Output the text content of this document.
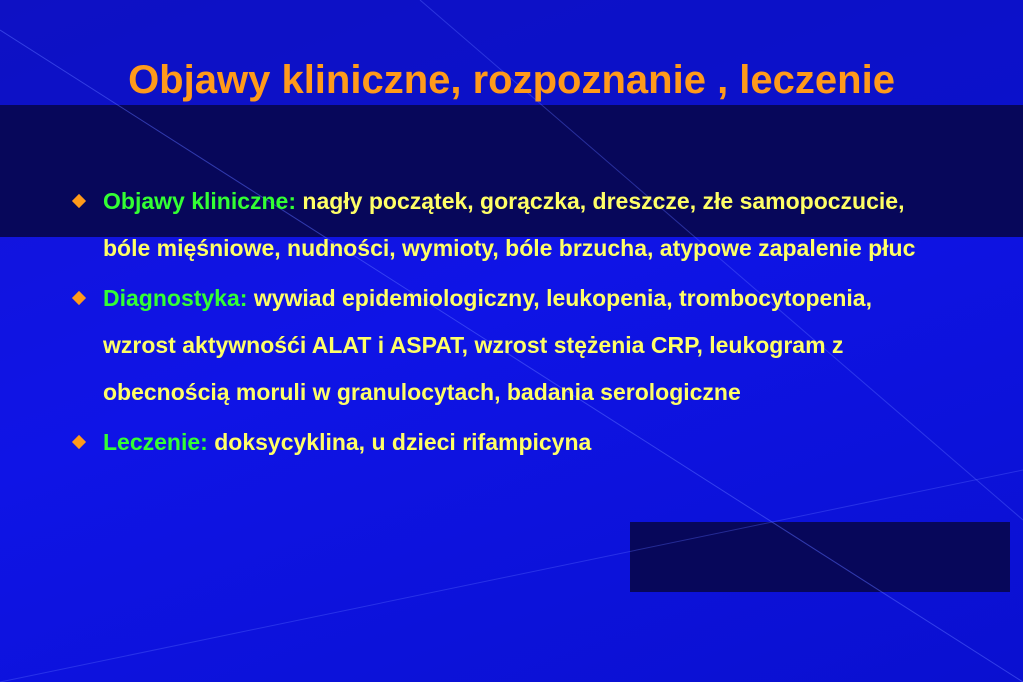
Objawy kliniczne, rozpoznanie , leczenie
Objawy kliniczne: nagły początek, gorączka, dreszcze, złe samopoczucie, bóle mięśniowe, nudności, wymioty, bóle brzucha, atypowe zapalenie płuc
Diagnostyka: wywiad epidemiologiczny, leukopenia, trombocytopenia, wzrost aktywnośći ALAT i ASPAT, wzrost stężenia CRP, leukogram z obecnością moruli w granulocytach, badania serologiczne
Leczenie: doksycyklina, u dzieci rifampicyna
